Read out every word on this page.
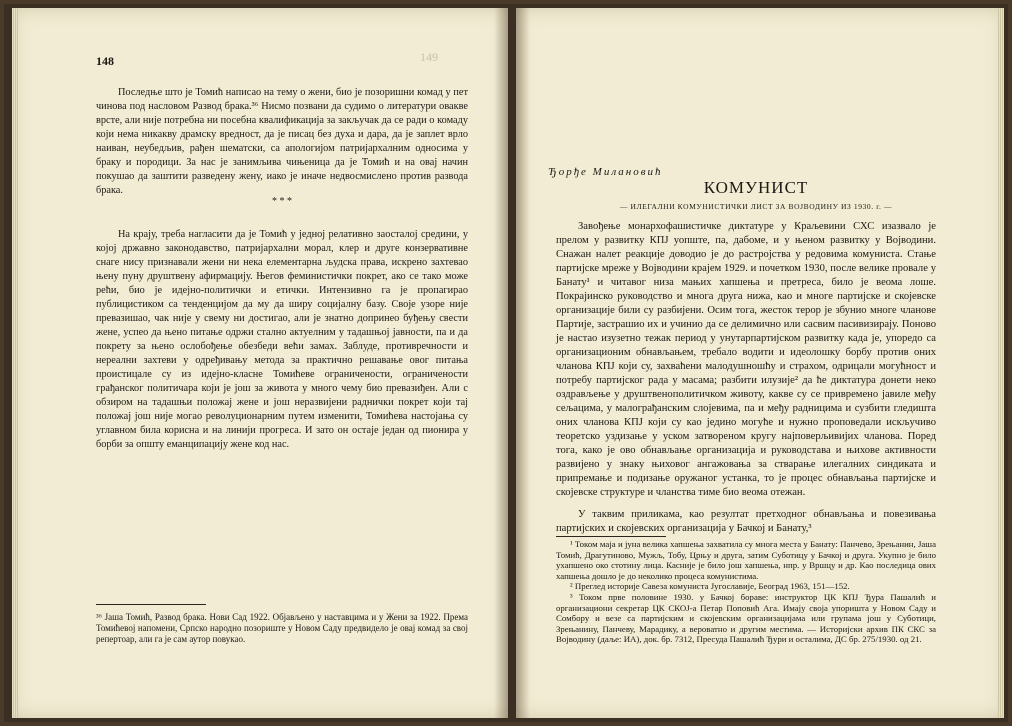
148

Последње што је Томић написао на тему о жени, био је позоришни комад у пет чинова под насловом Развод брака.³⁶ Нисмо позвани да судимо о литератури овакве врсте, али није потребна ни посебна квалификација за закључак да се ради о комаду који нема никакву драмску вредност, да је писац без духа и дара, да је заплет врло наиван, неубедљив, рађен шематски, са апологијом патријархалним односима у браку и породици. За нас је занимљива чињеница да је Томић и на овај начин покушао да заштити разведену жену, иако је иначе недвосмислено против развода брака.

* * *

На крају, треба нагласити да је Томић у једној релативно заосталој средини, у којој државно законодавство, патријархални морал, клер и друге конзервативне снаге нису признавали жени ни нека елементарна људска права, искрено захтевао њену пуну друштвену афирмацију. Његов феминистички покрет, ако се тако може рећи, био је идејно-политички и етички. Интензивно га је пропагирао публицистиком са тенденцијом да му да ширу социјалну базу. Своје узоре није превазишао, чак није у свему ни достигао, али је знатно допринео буђењу свести жене, успео да њено питање одржи стално актуелним у тадашњој јавности, па и да покрету за њено ослобођење обезбеди већи замах. Заблуде, противречности и нереални захтеви у одређивању метода за практично решавање овог питања проистицале су из идејно-класне Томићеве ограничености, ограничености грађанског политичара који је још за живота у много чему био превазиђен. Али с обзиром на тадашњи положај жене и још неразвијени раднички покрет који тај положај још није могао револуционарним путем изменити, Томићева настојања су углавном била корисна и на линији прогреса. И зато он остаје један од пионира у борби за општу еманципацију жене код нас.

³⁶ Јаша Томић, Развод брака. Нови Сад 1922. Објављено у наставцима и у Жени за 1922. Према Томићевој напомени, Српско народно позориште у Новом Саду предвидело је овај комад за свој репертоар, али га је сам аутор повукао.
149
Ђорђе Милановић
КОМУНИСТ
— ИЛЕГАЛНИ КОМУНИСТИЧКИ ЛИСТ ЗА ВОЈВОДИНУ ИЗ 1930. г. —

Завођење монархофашистичке диктатуре у Краљевини СХС изазвало је прелом у развитку КПЈ уопште, па, дабоме, и у њеном развитку у Војводини. Снажан налет реакције доводио је до растројства у редовима комуниста. Стање партијске мреже у Војводини крајем 1929. и почетком 1930, после велике провале у Банату¹ и читавог низа мањих хапшења и претреса, било је веома лоше. Покрајинско руководство и многа друга нижа, као и многе партијске и скојевске организације били су разбијени. Осим тога, жесток терор је збунио многе чланове Партије, застрашио их и учинио да се делимично или сасвим пасивизирају. Поново је настао изузетно тежак период у унутарпартијском развитку када је, упоредо са организационим обнављањем, требало водити и идеолошку борбу против оних чланова КПЈ који су, захваћени малодушношћу и страхом, одрицали могућност и потребу партијског рада у масама; разбити илузије² да ће диктатура донети неко оздрављење у друштвенополитичком животу, какве су се привремено јавиле међу сељацима, у малограђанским слојевима, па и међу радницима и сузбити гледишта оних чланова КПЈ који су као једино могуће и нужно проповедали искључиво теоретско уздизање у уском затвореном кругу најповерљивијих чланова. Поред тога, како је ово обнављање организација и руководстава и њихове активности развијено у знаку њиховог ангажовања за стварање илегалних синдиката и припремање и подизање оружаног устанка, то је процес обнављања партијске и скојевске структуре и чланства тиме био веома отежан.

У таквим приликама, као резултат претходног обнављања и повезивања партијских и скојевских организација у Бачкој и Банату,³

¹ Током маја и јуна велика хапшења захватила су многа места у Банату: Панчево, Зрењанин, Јаша Томић, Драгутиново, Мужљ, Тобу, Црњу и друга, затим Суботицу у Бачкој и друга. Укупно је било ухапшено око стотину лица. Касније је било још хапшења, нпр. у Вршцу и др. Као последица ових хапшења дошло је до неколико процеса комунистима.

² Преглед историје Савеза комуниста Југославије, Београд 1963, 151—152.

³ Током прве половине 1930. у Бачкој боравe: инструктор ЦК КПЈ Ђура Пашалић и организациони секретар ЦК СКОЈ-а Петар Поповић Ага. Имају своја упоришта у Новом Саду и Сомбору и везе са партијским и скојевским организацијама или групама још у Суботици, Зрењанину, Панчеву, Марадику, а вероватно и другим местима. — Историјски архив ПК СКС за Војводину (даље: ИА), док. бр. 7312, Пресуда Пашалић Ђури и осталима, ДС бр. 275/1930. од 21.
